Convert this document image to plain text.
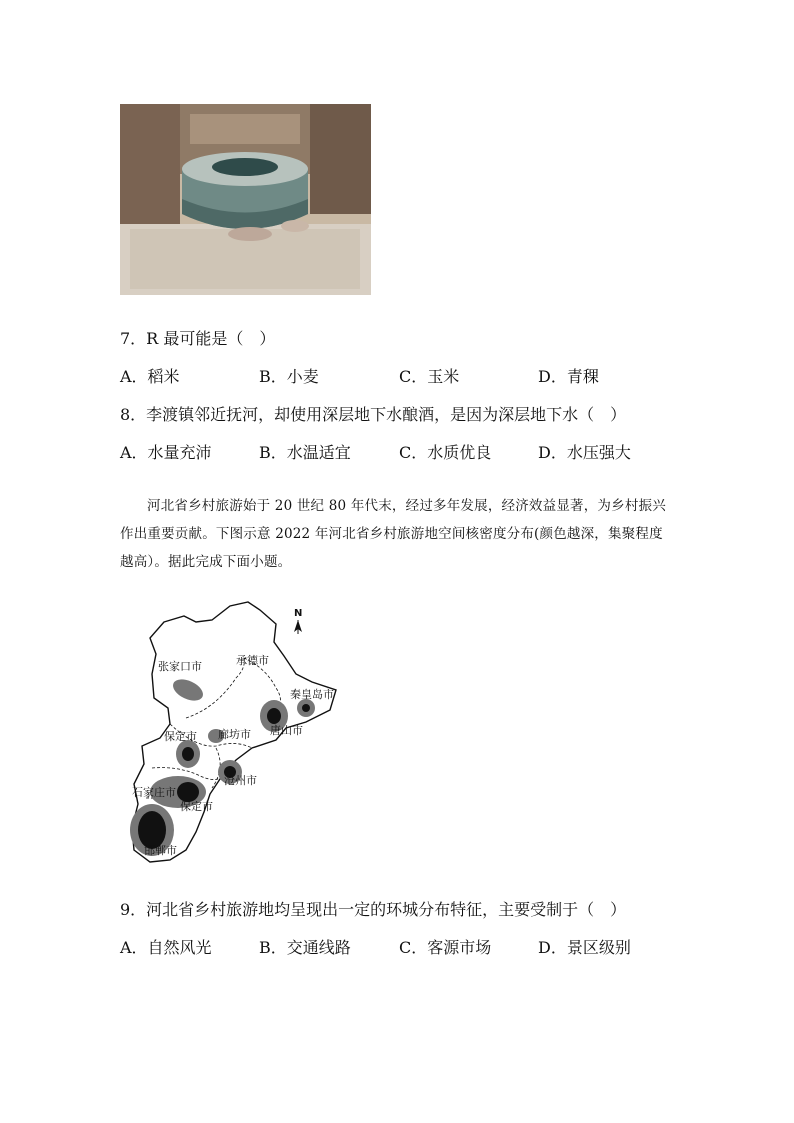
7．R 最可能是（　）
A．稻米	B．小麦	C．玉米	D．青稞
8．李渡镇邻近抚河，却使用深层地下水酿酒，是因为深层地下水（　）
A．水量充沛	B．水温适宜	C．水质优良	D．水压强大

河北省乡村旅游始于 20 世纪 80 年代末，经过多年发展，经济效益显著，为乡村振兴作出重要贡献。下图示意 2022 年河北省乡村旅游地空间核密度分布(颜色越深，集聚程度越高）。据此完成下面小题。

N
张家口市	承德市
秦皇岛市
唐山市
廊坊市
保定市
石家庄市
保定市
沧州市
邯郸市
9．河北省乡村旅游地均呈现出一定的环城分布特征，主要受制于（　）
A．自然风光	B．交通线路	C．客源市场	D．景区级别
